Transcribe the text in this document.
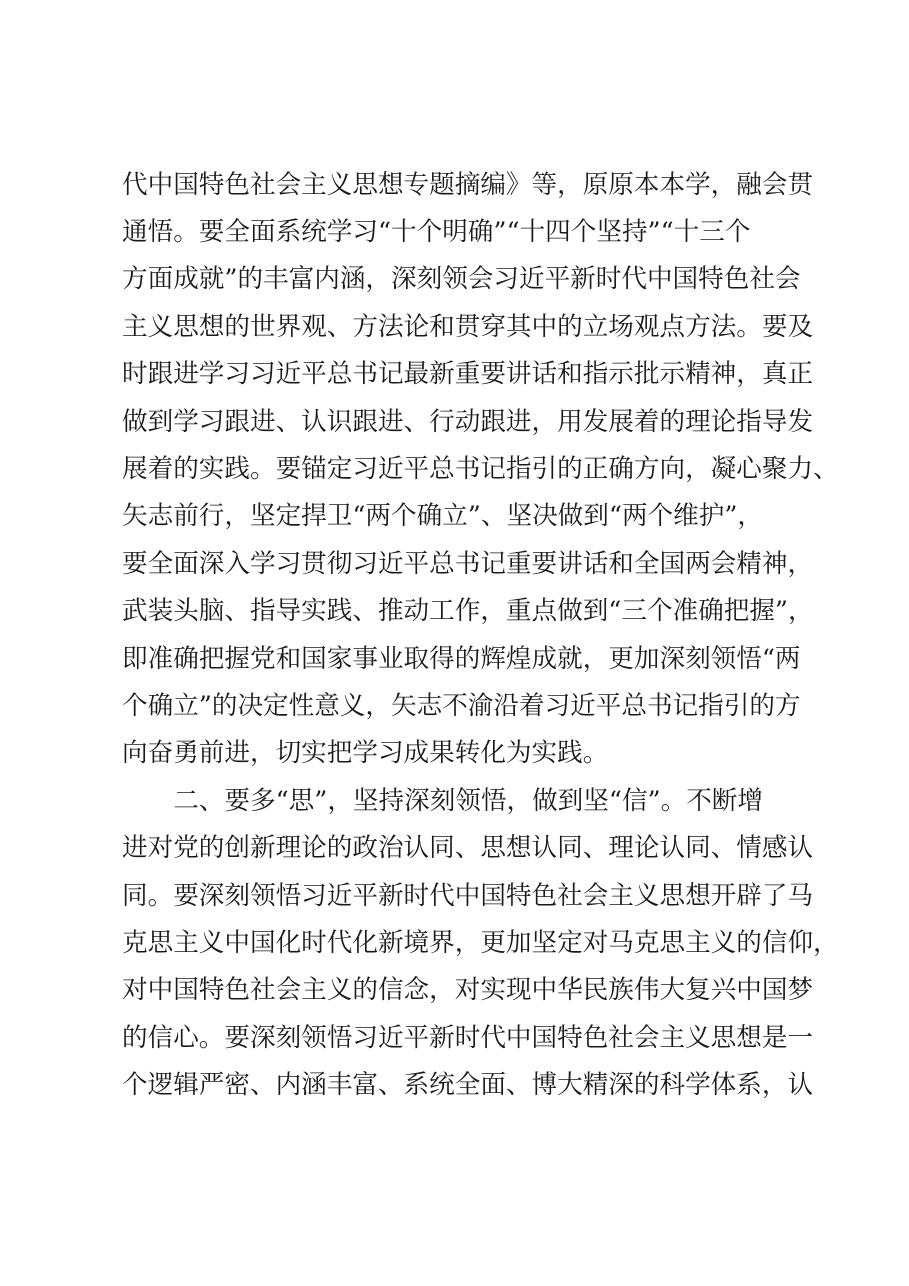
代中国特色社会主义思想专题摘编》等，原原本本学，融会贯
通悟。要全面系统学习“十个明确”“十四个坚持”“十三个
方面成就”的丰富内涵，深刻领会习近平新时代中国特色社会
主义思想的世界观、方法论和贯穿其中的立场观点方法。要及
时跟进学习习近平总书记最新重要讲话和指示批示精神，真正
做到学习跟进、认识跟进、行动跟进，用发展着的理论指导发
展着的实践。要锚定习近平总书记指引的正确方向，凝心聚力、
矢志前行，坚定捍卫“两个确立”、坚决做到“两个维护”，
要全面深入学习贯彻习近平总书记重要讲话和全国两会精神，
武装头脑、指导实践、推动工作，重点做到“三个准确把握”，
即准确把握党和国家事业取得的辉煌成就，更加深刻领悟“两
个确立”的决定性意义，矢志不渝沿着习近平总书记指引的方
向奋勇前进，切实把学习成果转化为实践。
　　二、要多“思”，坚持深刻领悟，做到坚“信”。不断增
进对党的创新理论的政治认同、思想认同、理论认同、情感认
同。要深刻领悟习近平新时代中国特色社会主义思想开辟了马
克思主义中国化时代化新境界，更加坚定对马克思主义的信仰，
对中国特色社会主义的信念，对实现中华民族伟大复兴中国梦
的信心。要深刻领悟习近平新时代中国特色社会主义思想是一
个逻辑严密、内涵丰富、系统全面、博大精深的科学体系，认
